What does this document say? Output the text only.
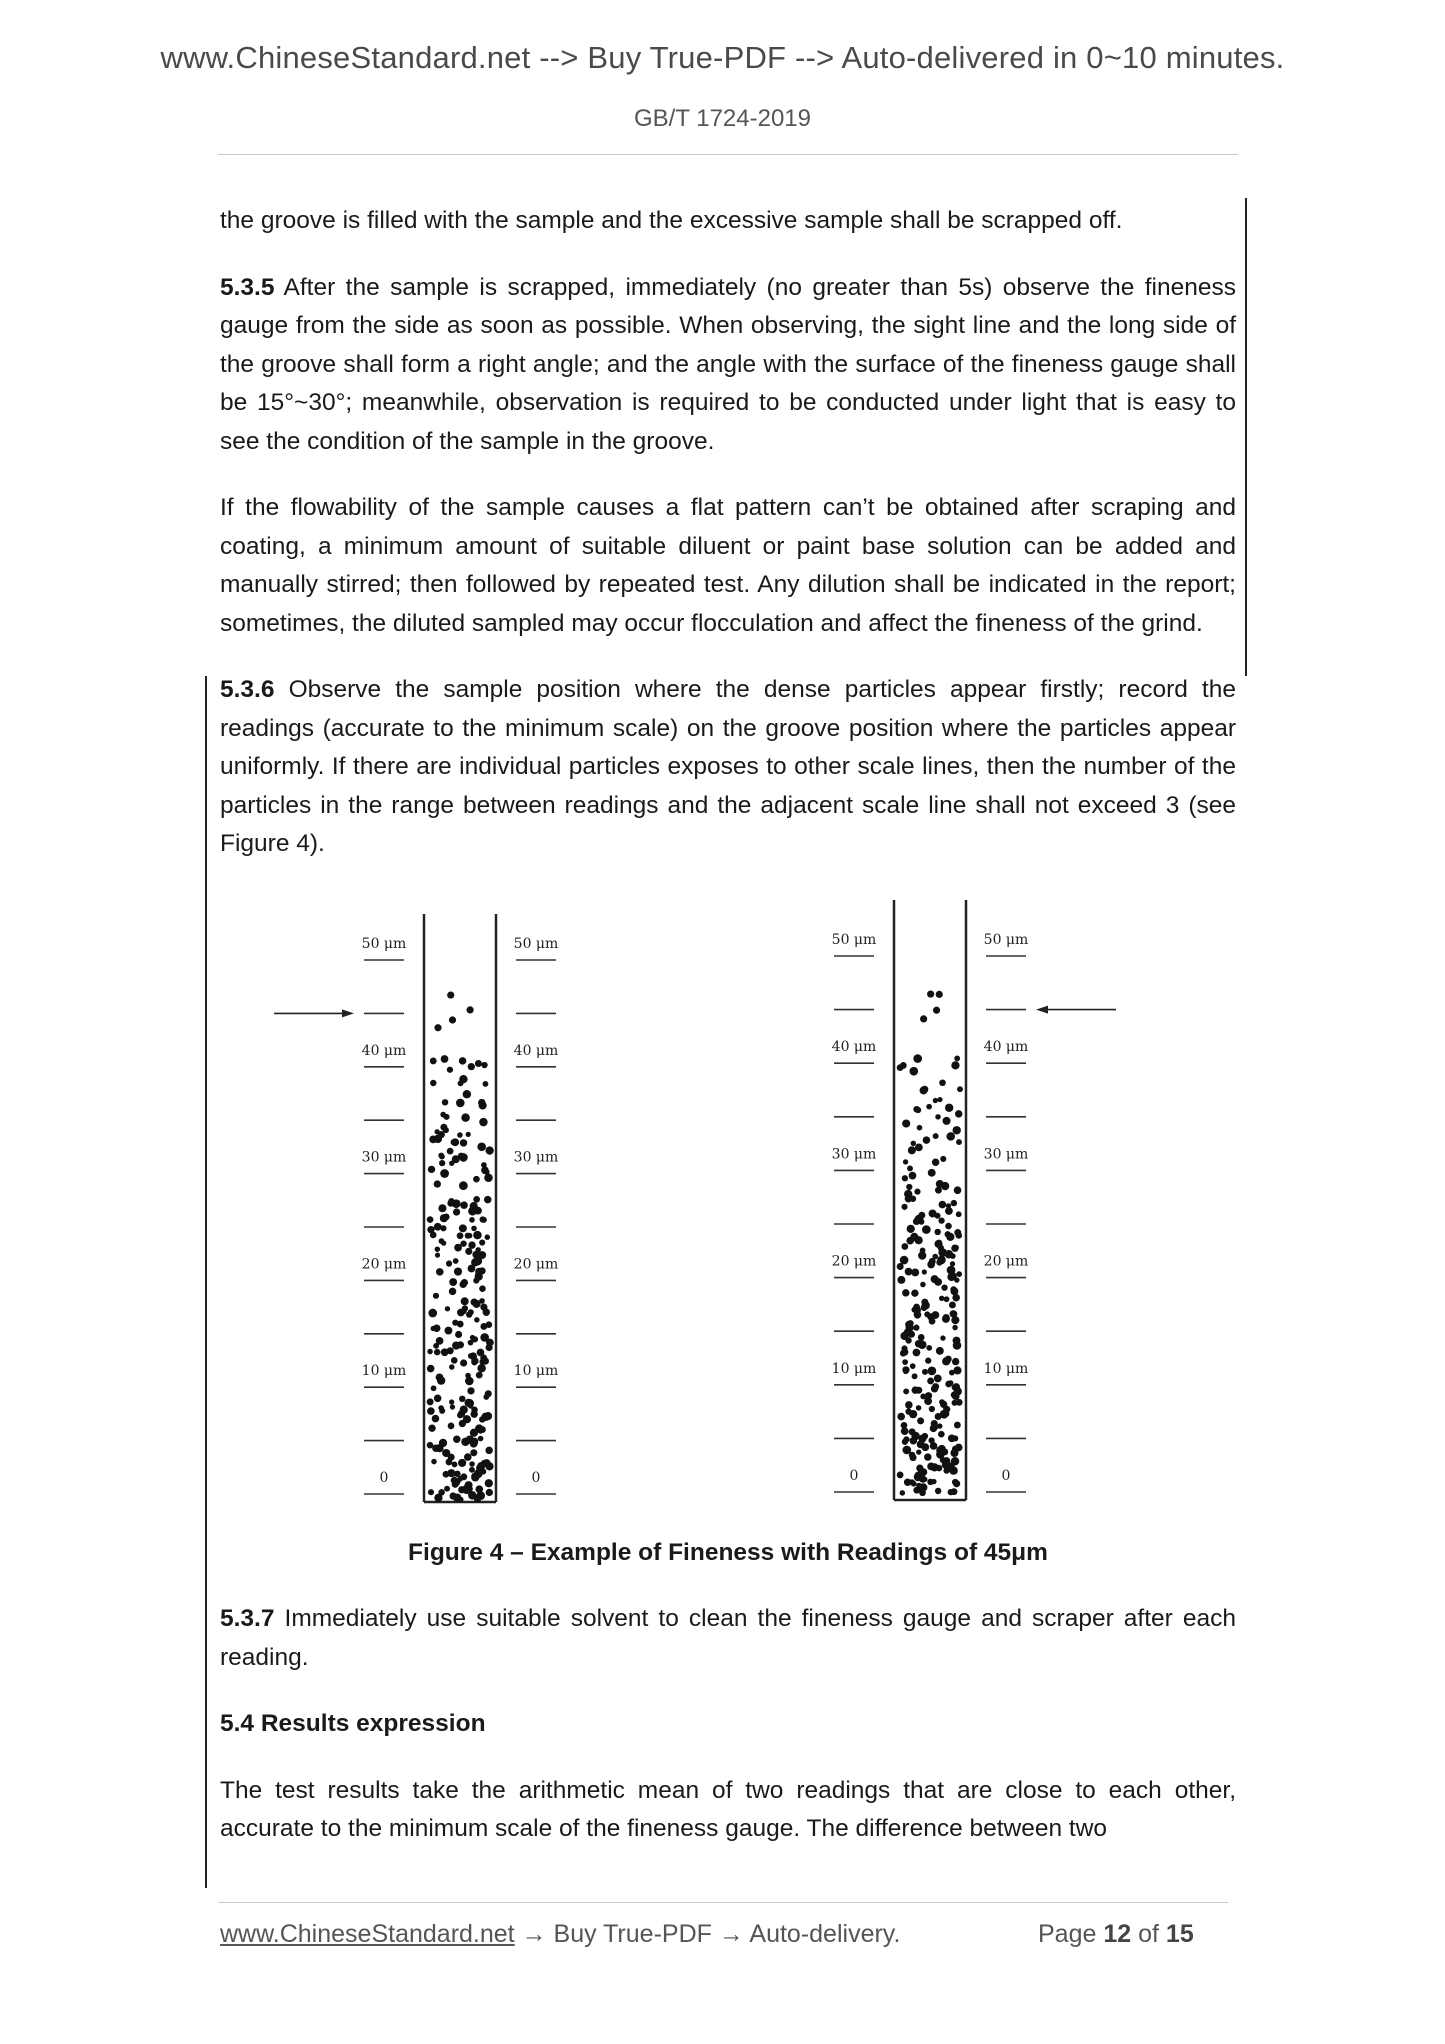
www.ChineseStandard.net --> Buy True-PDF --> Auto-delivered in 0~10 minutes.
GB/T 1724-2019

the groove is filled with the sample and the excessive sample shall be scrapped off.

5.3.5 After the sample is scrapped, immediately (no greater than 5s) observe the fineness gauge from the side as soon as possible. When observing, the sight line and the long side of the groove shall form a right angle; and the angle with the surface of the fineness gauge shall be 15°~30°; meanwhile, observation is required to be conducted under light that is easy to see the condition of the sample in the groove.

If the flowability of the sample causes a flat pattern can’t be obtained after scraping and coating, a minimum amount of suitable diluent or paint base solution can be added and manually stirred; then followed by repeated test. Any dilution shall be indicated in the report; sometimes, the diluted sampled may occur flocculation and affect the fineness of the grind.

5.3.6 Observe the sample position where the dense particles appear firstly; record the readings (accurate to the minimum scale) on the groove position where the particles appear uniformly. If there are individual particles exposes to other scale lines, then the number of the particles in the range between readings and the adjacent scale line shall not exceed 3 (see Figure 4).

0	0
10 μm	10 μm
20 μm	20 μm
30 μm	30 μm
40 μm	40 μm
50 μm	50 μm
0	0
10 μm	10 μm
20 μm	20 μm
30 μm	30 μm
40 μm	40 μm
50 μm	50 μm
Figure 4 – Example of Fineness with Readings of 45μm

5.3.7 Immediately use suitable solvent to clean the fineness gauge and scraper after each reading.

5.4 Results expression

The test results take the arithmetic mean of two readings that are close to each other, accurate to the minimum scale of the fineness gauge. The difference between two

www.ChineseStandard.net → Buy True-PDF → Auto-delivery.	Page 12 of 15
